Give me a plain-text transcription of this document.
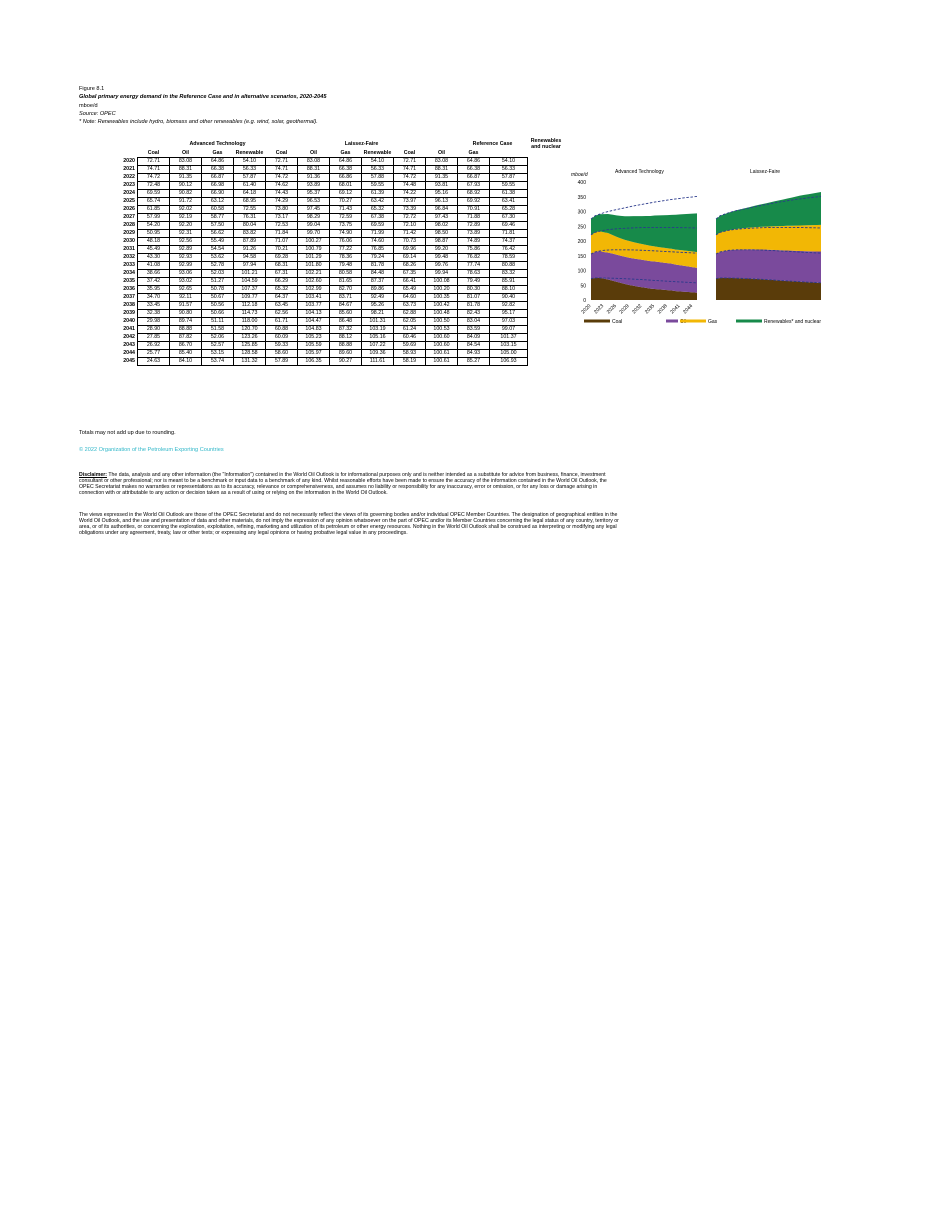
Figure 8.1
Global primary energy demand in the Reference Case and in alternative scenarios, 2020-2045
mboe/d
Source: OPEC
* Note: Renewables include hydro, biomass and other renewables (e.g. wind, solar, geothermal).
		Advanced Technology					Laissez-Faire				Reference Case		Renewables and nuclear
	Coal	Oil	Gas	Renewable	Coal	Oil	Gas	Renewable	Coal	Oil	Gas		
2020	72.71	83.08	64.86	54.10	72.71	83.08	64.86	54.10	72.71	83.08	64.86	54.10	
2021	74.71	88.31	66.38	56.33	74.71	88.31	66.38	56.33	74.71	88.31	66.38	56.33	
2022	74.72	91.35	66.87	57.87	74.72	91.36	66.86	57.88	74.72	91.35	66.87	57.87	
2023	72.48	90.12	66.98	61.40	74.62	93.89	68.01	59.55	74.48	93.81	67.93	59.55	
2024	69.59	90.82	66.90	64.18	74.43	95.37	69.12	61.39	74.22	95.16	68.92	61.38	
2025	65.74	91.72	63.12	68.95	74.29	96.53	70.27	63.42	73.97	96.13	69.92	63.41	
2026	61.85	92.02	60.58	72.55	73.80	97.45	71.43	65.32	73.39	96.84	70.91	65.28	
2027	57.99	92.19	58.77	76.31	73.17	98.29	72.59	67.38	72.72	97.43	71.88	67.30	
2028	54.20	92.20	57.50	80.04	72.53	99.04	73.75	69.59	72.10	98.02	72.89	69.46	
2029	50.95	92.31	56.62	83.82	71.84	99.70	74.90	71.99	71.42	98.50	73.89	71.81	
2030	48.18	92.56	55.49	87.89	71.07	100.27	76.06	74.60	70.73	98.87	74.89	74.37	
2031	45.49	92.89	54.54	91.26	70.21	100.79	77.22	76.85	69.96	99.20	75.86	76.42	
2032	43.30	92.93	53.62	94.58	69.28	101.29	78.36	79.24	69.14	99.48	76.82	78.59	
2033	41.08	92.99	52.78	97.94	68.31	101.80	79.48	81.78	68.26	99.76	77.74	80.88	
2034	38.66	93.06	52.03	101.21	67.31	102.21	80.58	84.48	67.35	99.94	78.63	83.32	
2035	37.42	93.02	51.27	104.59	66.29	102.60	81.65	87.37	66.41	100.08	79.49	85.91	
2036	35.95	92.65	50.78	107.37	65.32	102.99	82.70	89.86	65.49	100.20	80.30	88.10	
2037	34.70	92.11	50.67	109.77	64.37	103.41	83.71	92.49	64.60	100.35	81.07	90.40	
2038	33.45	91.57	50.56	112.18	63.45	103.77	84.67	95.26	63.73	100.42	81.78	92.82	
2039	32.38	90.80	50.66	114.73	62.56	104.13	85.60	98.21	62.88	100.48	82.43	95.17	
2040	29.98	89.74	51.11	118.00	61.71	104.47	86.48	101.31	62.05	100.50	83.04	97.03	
2041	28.90	88.88	51.58	120.70	60.88	104.83	87.32	103.19	61.24	100.53	83.59	99.07	
2042	27.85	87.82	52.06	123.26	60.09	105.23	88.12	105.16	60.46	100.60	84.09	101.37	
2043	26.92	86.70	52.57	125.85	59.33	105.59	88.88	107.22	59.69	100.60	84.54	103.15	
2044	25.77	85.40	53.15	128.58	58.60	105.97	89.60	109.36	58.93	100.61	84.93	105.00	
2045	24.63	84.10	53.74	131.32	57.89	106.35	90.27	111.61	58.19	100.61	85.27	106.93	
400
350
300
250
200
150
100
50
0
mboe/d	Advanced Technology
2020 2023 2026 2029 2032 2035 2038 2041 2044
Laissez-Faire
Coal	Gas	Renewables* and nuclear
Totals may not add up due to rounding.
© 2022 Organization of the Petroleum Exporting Countries
Disclaimer: The data, analysis and any other information (the "Information") contained in the World Oil Outlook is for informational purposes only and is neither intended as a substitute for advice from business, finance, investment consultant or other professional; nor is meant to be a benchmark or input data to a benchmark of any kind. Whilst reasonable efforts have been made to ensure the accuracy of the information contained in the World Oil Outlook, the OPEC Secretariat makes no warranties or representations as to its accuracy, relevance or comprehensiveness, and assumes no liability or responsibility for any inaccuracy, error or omission, or for any loss or damage arising in connection with or attributable to any action or decision taken as a result of using or relying on the information in the World Oil Outlook.
The views expressed in the World Oil Outlook are those of the OPEC Secretariat and do not necessarily reflect the views of its governing bodies and/or individual OPEC Member Countries. The designation of geographical entities in the World Oil Outlook, and the use and presentation of data and other materials, do not imply the expression of any opinion whatsoever on the part of OPEC and/or its Member Countries concerning the legal status of any country, territory or area, or of its authorities, or concerning the exploration, exploitation, refining, marketing and utilization of its petroleum or other energy resources. Nothing in the World Oil Outlook shall be construed as interpreting or modifying any legal obligations under any agreement, treaty, law or other texts; or expressing any legal opinions or having probative legal value in any proceedings.
